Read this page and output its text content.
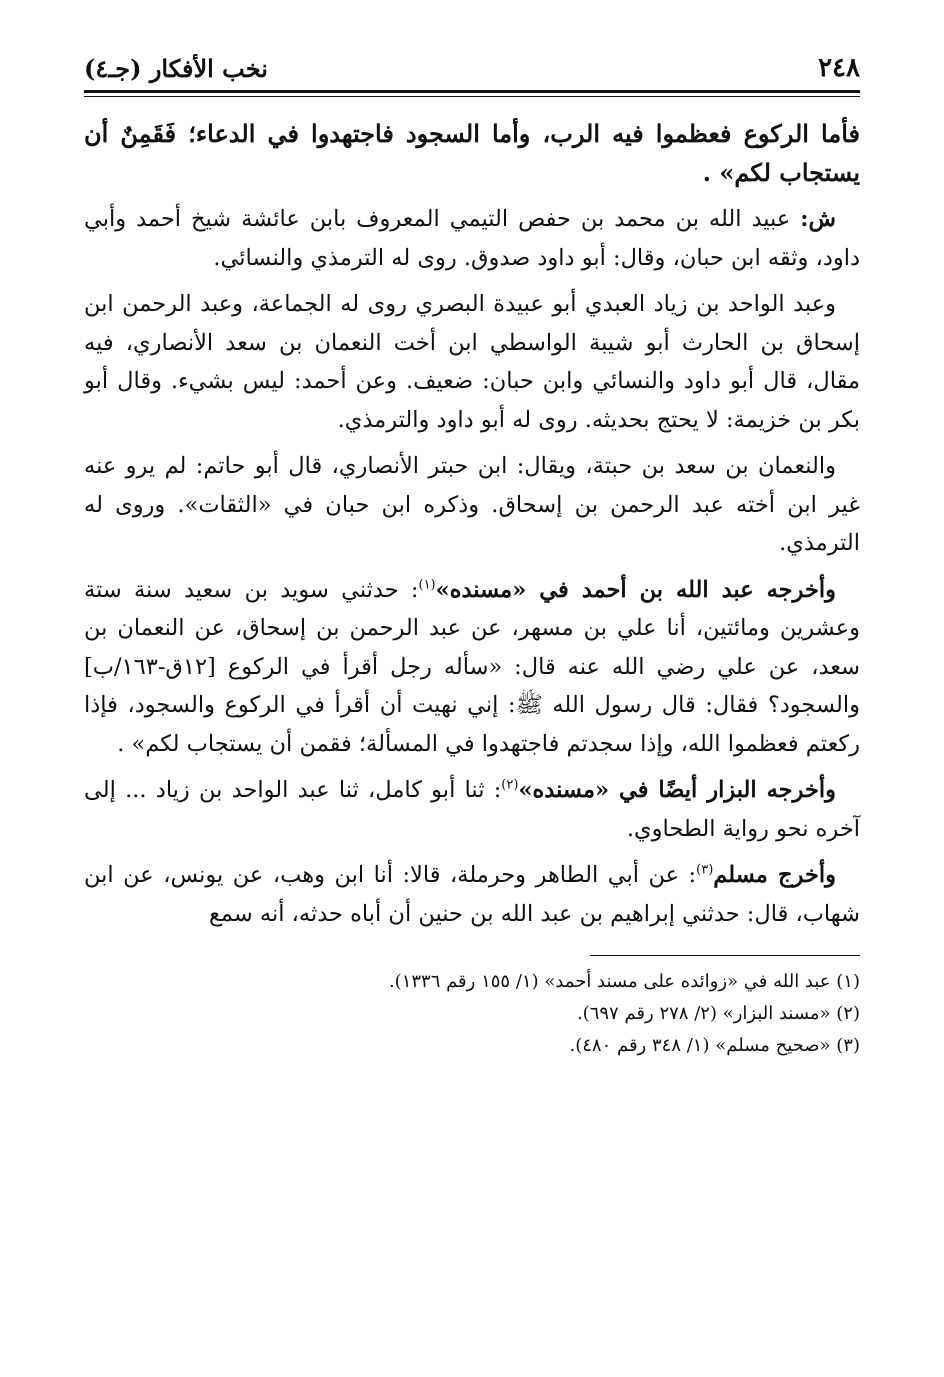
٢٤٨
نخب الأفكار (جـ٤)

فأما الركوع فعظموا فيه الرب، وأما السجود فاجتهدوا في الدعاء؛ فَقَمِنٌ أن يستجاب لكم» .

ش: عبيد الله بن محمد بن حفص التيمي المعروف بابن عائشة شيخ أحمد وأبي داود، وثقه ابن حبان، وقال: أبو داود صدوق. روى له الترمذي والنسائي.

وعبد الواحد بن زياد العبدي أبو عبيدة البصري روى له الجماعة، وعبد الرحمن ابن إسحاق بن الحارث أبو شيبة الواسطي ابن أخت النعمان بن سعد الأنصاري، فيه مقال، قال أبو داود والنسائي وابن حبان: ضعيف. وعن أحمد: ليس بشيء. وقال أبو بكر بن خزيمة: لا يحتج بحديثه. روى له أبو داود والترمذي.

والنعمان بن سعد بن حبتة، ويقال: ابن حبتر الأنصاري، قال أبو حاتم: لم يرو عنه غير ابن أخته عبد الرحمن بن إسحاق. وذكره ابن حبان في «الثقات». وروى له الترمذي.

وأخرجه عبد الله بن أحمد في «مسنده»$^{(١)}$: حدثني سويد بن سعيد سنة ستة وعشرين ومائتين، أنا علي بن مسهر، عن عبد الرحمن بن إسحاق، عن النعمان بن سعد، عن علي رضي الله عنه قال: «سأله رجل أقرأ في الركوع [١٢ق-١٦٣/ب] والسجود؟ فقال: قال رسول الله ﷺ: إني نهيت أن أقرأ في الركوع والسجود، فإذا ركعتم فعظموا الله، وإذا سجدتم فاجتهدوا في المسألة؛ فقمن أن يستجاب لكم» .

وأخرجه البزار أيضًا في «مسنده»$^{(٢)}$: ثنا أبو كامل، ثنا عبد الواحد بن زياد ... إلى آخره نحو رواية الطحاوي.

وأخرج مسلم$^{(٣)}$: عن أبي الطاهر وحرملة، قالا: أنا ابن وهب، عن يونس، عن ابن شهاب، قال: حدثني إبراهيم بن عبد الله بن حنين أن أباه حدثه، أنه سمع

(١) عبد الله في «زوائده على مسند أحمد» (١/ ١٥٥ رقم ١٣٣٦).

(٢) «مسند البزار» (٢/ ٢٧٨ رقم ٦٩٧).

(٣) «صحيح مسلم» (١/ ٣٤٨ رقم ٤٨٠).
